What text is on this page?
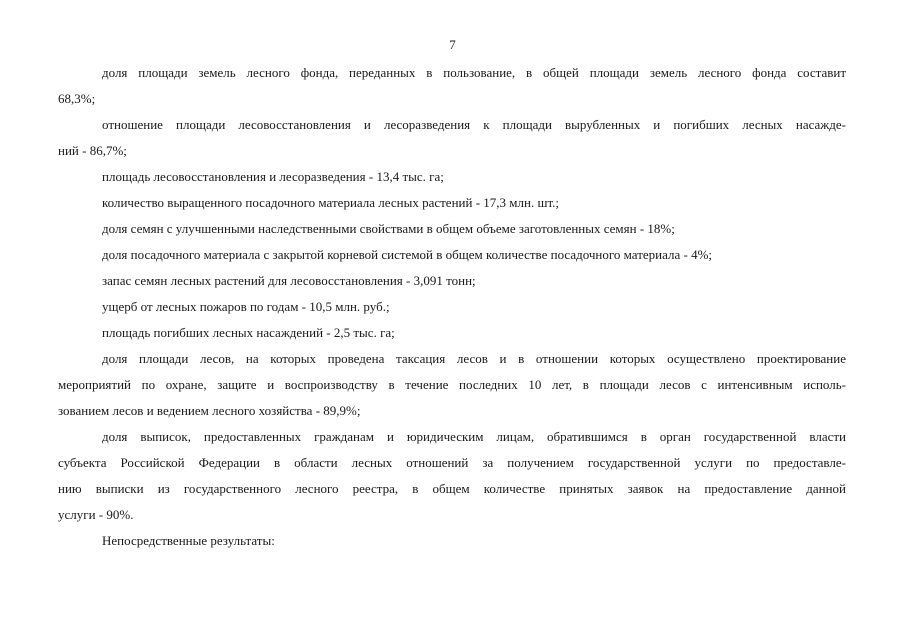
7
доля площади земель лесного фонда, переданных в пользование, в общей площади земель лесного фонда составит
68,3%;
отношение площади лесовосстановления и лесоразведения к площади вырубленных и погибших лесных насажде-
ний - 86,7%;
площадь лесовосстановления и лесоразведения - 13,4 тыс. га;
количество выращенного посадочного материала лесных растений - 17,3 млн. шт.;
доля семян с улучшенными наследственными свойствами в общем объеме заготовленных семян - 18%;
доля посадочного материала с закрытой корневой системой в общем количестве посадочного материала - 4%;
запас семян лесных растений для лесовосстановления - 3,091 тонн;
ущерб от лесных пожаров по годам - 10,5 млн. руб.;
площадь погибших лесных насаждений - 2,5 тыс. га;
доля площади лесов, на которых проведена таксация лесов и в отношении которых осуществлено проектирование
мероприятий по охране, защите и воспроизводству в течение последних 10 лет, в площади лесов с интенсивным исполь-
зованием лесов и ведением лесного хозяйства - 89,9%;
доля выписок, предоставленных гражданам и юридическим лицам, обратившимся в орган государственной власти
субъекта Российской Федерации в области лесных отношений за получением государственной услуги по предоставле-
нию выписки из государственного лесного реестра, в общем количестве принятых заявок на предоставление данной
услуги - 90%.
Непосредственные результаты:
